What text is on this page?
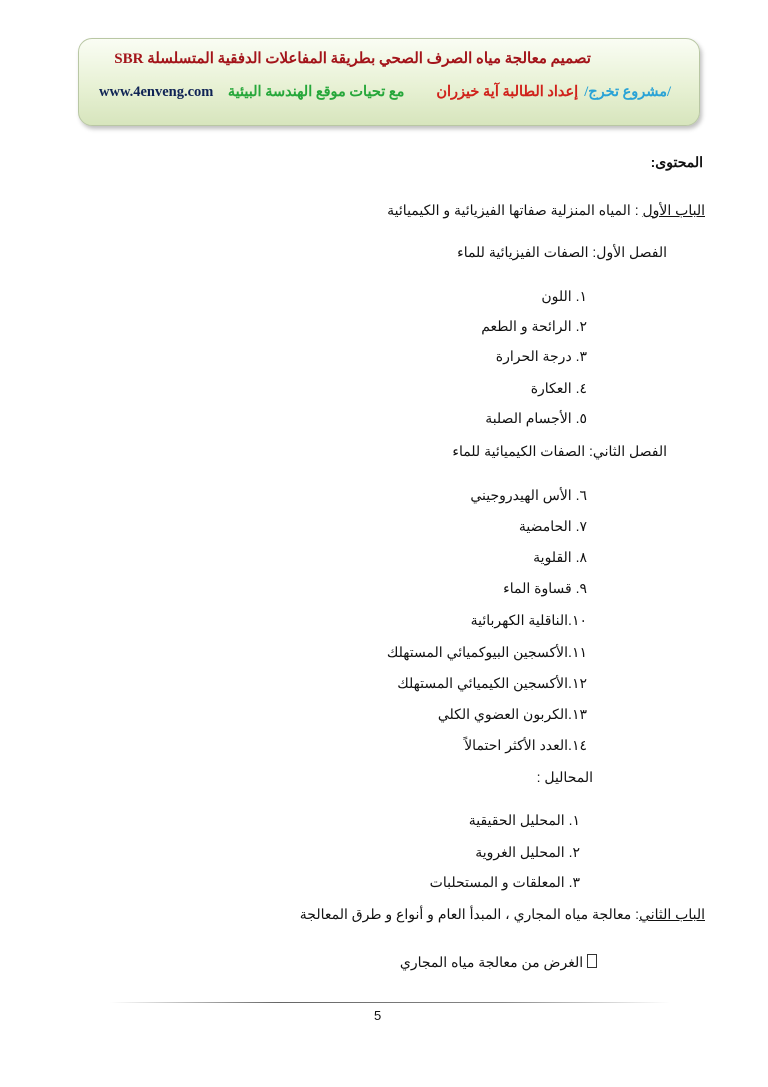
تصميم معالجة مياه الصرف الصحي بطريقة المفاعلات الدفقية المتسلسلة SBR
/مشروع تخرج/
إعداد الطالبة آية خيزران
مع تحيات موقع الهندسة البيئية
www.4enveng.com
المحتوى:
الباب الأول : المياه المنزلية صفاتها الفيزيائية و الكيميائية
الفصل الأول: الصفات الفيزيائية للماء
١. اللون
٢. الرائحة و الطعم
٣. درجة الحرارة
٤. العكارة
٥. الأجسام الصلبة
الفصل الثاني: الصفات الكيميائية للماء
٦. الأس الهيدروجيني
٧. الحامضية
٨. القلوية
٩. قساوة الماء
١٠.الناقلية الكهربائية
١١.الأكسجين البيوكميائي المستهلك
١٢.الأكسجين الكيميائي المستهلك
١٣.الكربون العضوي الكلي
١٤.العدد الأكثر احتمالاً
المحاليل :
١. المحليل الحقيقية
٢. المحليل الغروية
٣. المعلقات و المستحلبات
الباب الثاني: معالجة مياه المجاري ، المبدأ العام و أنواع و طرق المعالجة
الغرض من معالجة مياه المجاري
5
